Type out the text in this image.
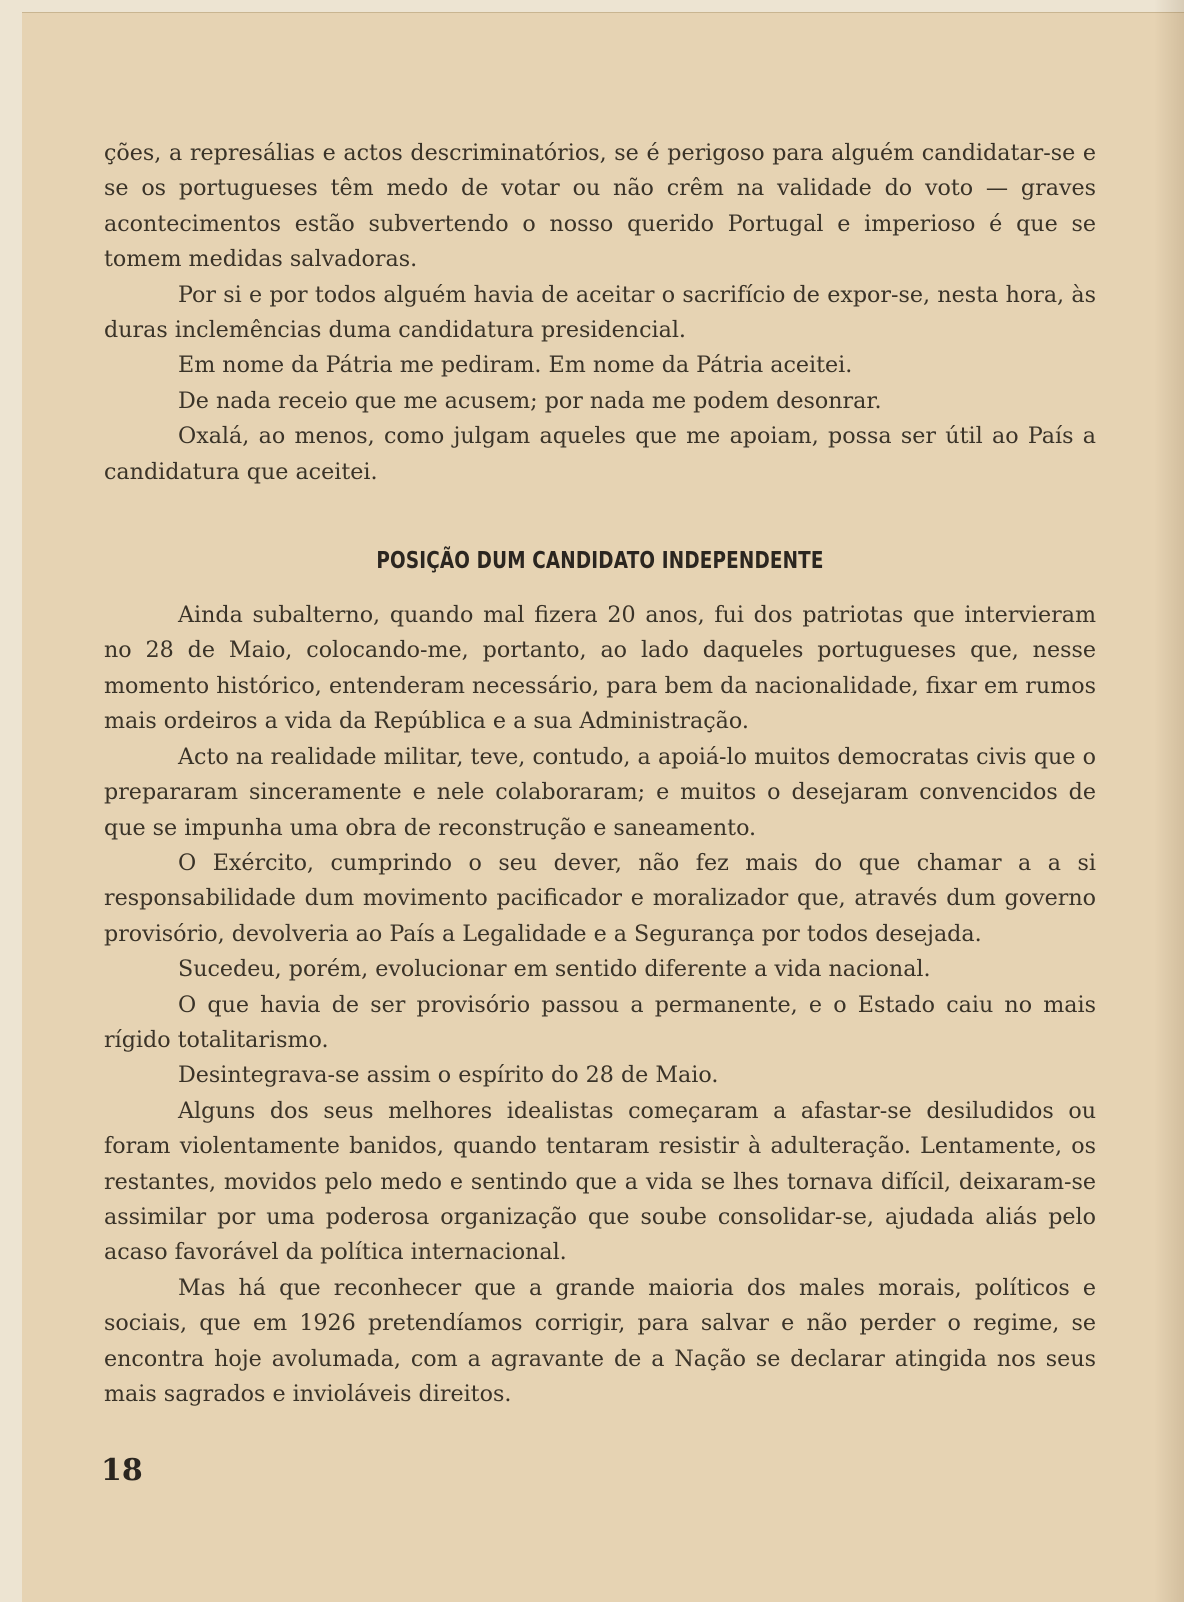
ções, a represálias e actos descriminatórios, se é perigoso para alguém candidatar-se e se os portugueses têm medo de votar ou não crêm na validade do voto — graves acontecimentos estão subvertendo o nosso querido Portugal e imperioso é que se tomem medidas salvadoras.

Por si e por todos alguém havia de aceitar o sacrifício de expor-se, nesta hora, às duras inclemências duma candidatura presidencial.

Em nome da Pátria me pediram. Em nome da Pátria aceitei.

De nada receio que me acusem; por nada me podem desonrar.

Oxalá, ao menos, como julgam aqueles que me apoiam, possa ser útil ao País a candidatura que aceitei.

POSIÇÃO DUM CANDIDATO INDEPENDENTE

Ainda subalterno, quando mal fizera 20 anos, fui dos patriotas que intervieram no 28 de Maio, colocando-me, portanto, ao lado daqueles portugueses que, nesse momento histórico, entenderam necessário, para bem da nacionalidade, fixar em rumos mais ordeiros a vida da República e a sua Administração.

Acto na realidade militar, teve, contudo, a apoiá-lo muitos democratas civis que o prepararam sinceramente e nele colaboraram; e muitos o desejaram convencidos de que se impunha uma obra de reconstrução e saneamento.

O Exército, cumprindo o seu dever, não fez mais do que chamar a a si responsabilidade dum movimento pacificador e moralizador que, através dum governo provisório, devolveria ao País a Legalidade e a Segurança por todos desejada.

Sucedeu, porém, evolucionar em sentido diferente a vida nacional.

O que havia de ser provisório passou a permanente, e o Estado caiu no mais rígido totalitarismo.

Desintegrava-se assim o espírito do 28 de Maio.

Alguns dos seus melhores idealistas começaram a afastar-se desiludidos ou foram violentamente banidos, quando tentaram resistir à adulteração. Lentamente, os restantes, movidos pelo medo e sentindo que a vida se lhes tornava difícil, deixaram-se assimilar por uma poderosa organização que soube consolidar-se, ajudada aliás pelo acaso favorável da política internacional.

Mas há que reconhecer que a grande maioria dos males morais, políticos e sociais, que em 1926 pretendíamos corrigir, para salvar e não perder o regime, se encontra hoje avolumada, com a agravante de a Nação se declarar atingida nos seus mais sagrados e invioláveis direitos.

18
